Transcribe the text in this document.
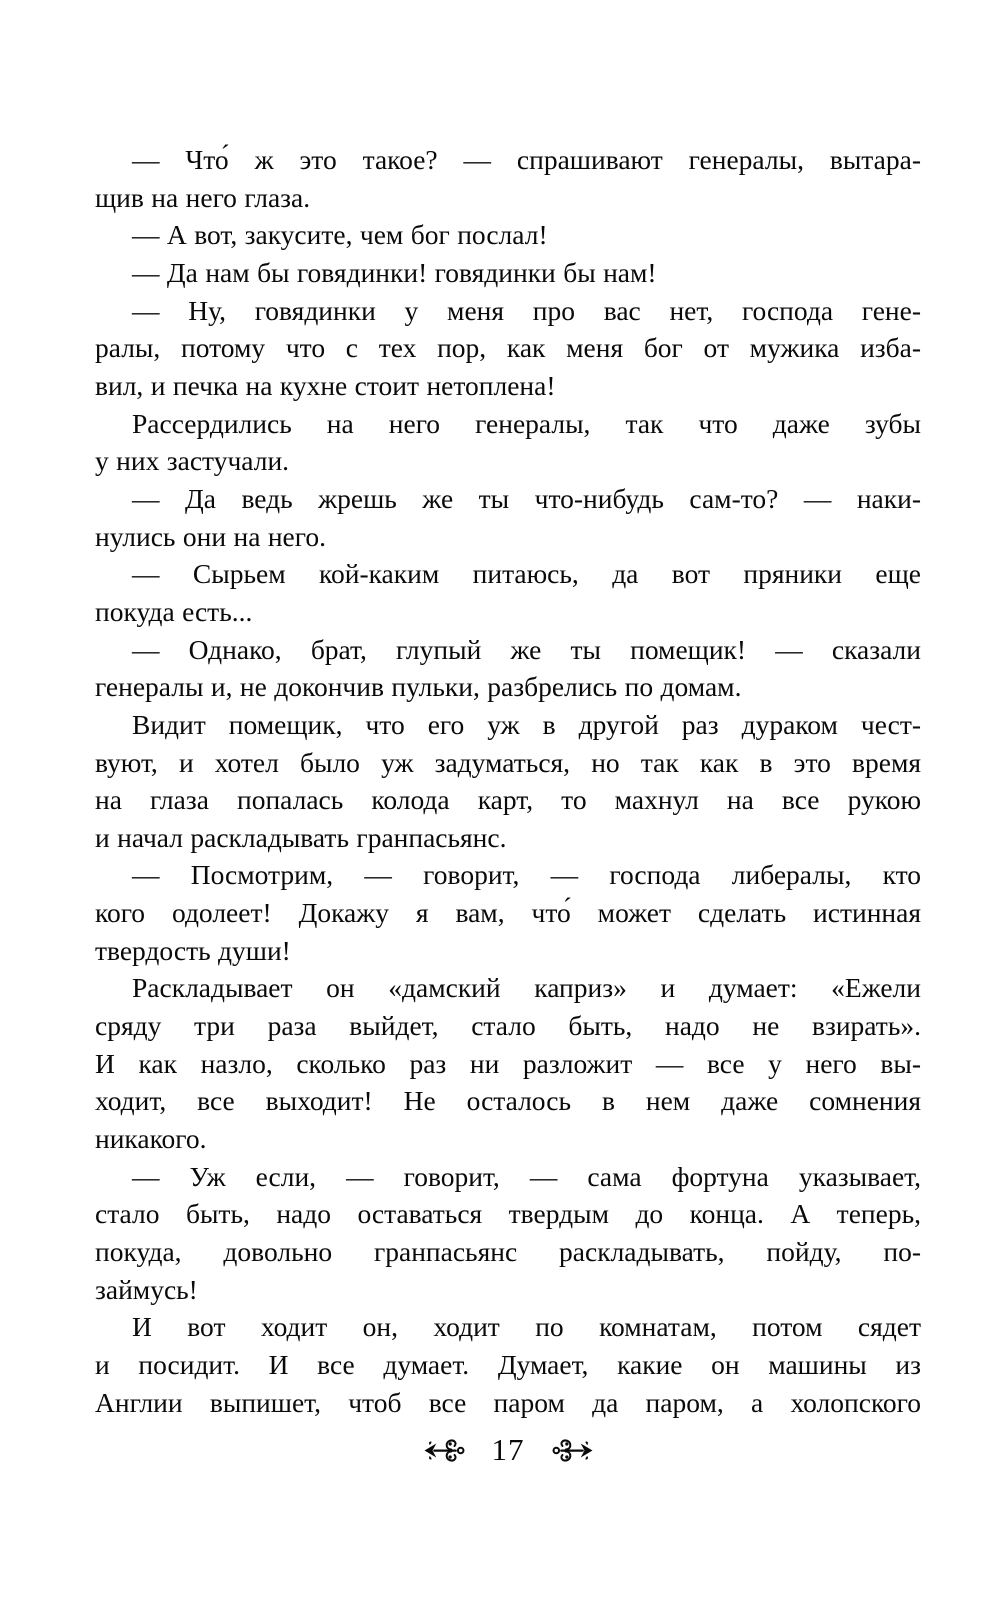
— Что́ ж это такое? — спрашивают генералы, вытара-
щив на него глаза.

— А вот, закусите, чем бог послал!

— Да нам бы говядинки! говядинки бы нам!

— Ну, говядинки у меня про вас нет, господа гене-
ралы, потому что с тех пор, как меня бог от мужика изба-
вил, и печка на кухне стоит нетоплена!

Рассердились на него генералы, так что даже зубы
у них застучали.

— Да ведь жрешь же ты что-нибудь сам-то? — наки-
нулись они на него.

— Сырьем кой-каким питаюсь, да вот пряники еще
покуда есть...

— Однако, брат, глупый же ты помещик! — сказали
генералы и, не докончив пульки, разбрелись по домам.

Видит помещик, что его уж в другой раз дураком чест-
вуют, и хотел было уж задуматься, но так как в это время
на глаза попалась колода карт, то махнул на все рукою
и начал раскладывать гранпасьянс.

— Посмотрим, — говорит, — господа либералы, кто
кого одолеет! Докажу я вам, что́ может сделать истинная
твердость души!

Раскладывает он «дамский каприз» и думает: «Ежели
сряду три раза выйдет, стало быть, надо не взирать».
И как назло, сколько раз ни разложит — все у него вы-
ходит, все выходит! Не осталось в нем даже сомнения
никакого.

— Уж если, — говорит, — сама фортуна указывает,
стало быть, надо оставаться твердым до конца. А теперь,
покуда, довольно гранпасьянс раскладывать, пойду, по-
займусь!

И вот ходит он, ходит по комнатам, потом сядет
и посидит. И все думает. Думает, какие он машины из
Англии выпишет, чтоб все паром да паром, а холопского

17
